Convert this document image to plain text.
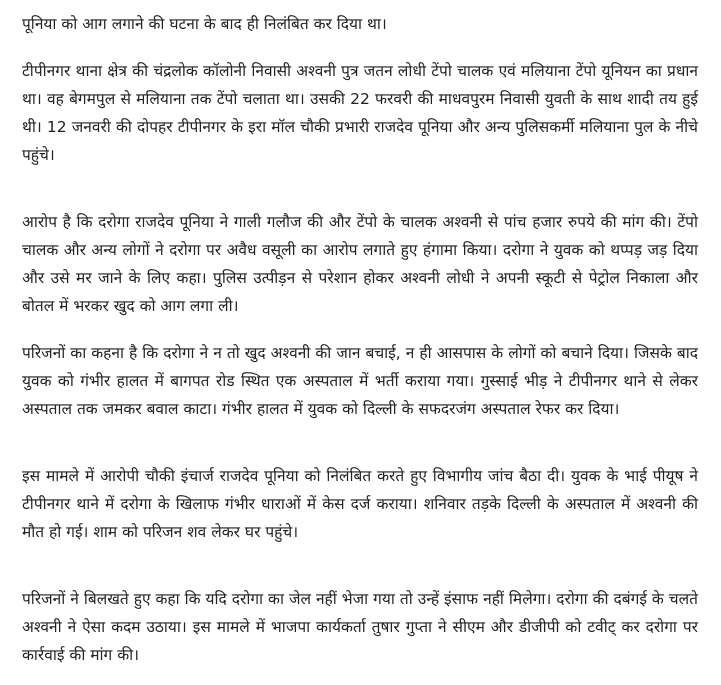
पूनिया को आग लगाने की घटना के बाद ही निलंबित कर दिया था।

टीपीनगर थाना क्षेत्र की चंद्रलोक कॉलोनी निवासी अश्वनी पुत्र जतन लोधी टेंपो चालक एवं मलियाना टेंपो यूनियन का प्रधान था। वह बेगमपुल से मलियाना तक टेंपो चलाता था। उसकी 22 फरवरी की माधवपुरम निवासी युवती के साथ शादी तय हुई थी। 12 जनवरी की दोपहर टीपीनगर के इरा मॉल चौकी प्रभारी राजदेव पूनिया और अन्य पुलिसकर्मी मलियाना पुल के नीचे पहुंचे।

आरोप है कि दरोगा राजदेव पूनिया ने गाली गलौज की और टेंपो के चालक अश्वनी से पांच हजार रुपये की मांग की। टेंपो चालक और अन्य लोगों ने दरोगा पर अवैध वसूली का आरोप लगाते हुए हंगामा किया। दरोगा ने युवक को थप्पड़ जड़ दिया और उसे मर जाने के लिए कहा। पुलिस उत्पीड़न से परेशान होकर अश्वनी लोधी ने अपनी स्कूटी से पेट्रोल निकाला और बोतल में भरकर खुद को आग लगा ली।

परिजनों का कहना है कि दरोगा ने न तो खुद अश्वनी की जान बचाई, न ही आसपास के लोगों को बचाने दिया। जिसके बाद युवक को गंभीर हालत में बागपत रोड स्थित एक अस्पताल में भर्ती कराया गया। गुस्साई भीड़ ने टीपीनगर थाने से लेकर अस्पताल तक जमकर बवाल काटा। गंभीर हालत में युवक को दिल्ली के सफदरजंग अस्पताल रेफर कर दिया।

इस मामले में आरोपी चौकी इंचार्ज राजदेव पूनिया को निलंबित करते हुए विभागीय जांच बैठा दी। युवक के भाई पीयूष ने टीपीनगर थाने में दरोगा के खिलाफ गंभीर धाराओं में केस दर्ज कराया। शनिवार तड़के दिल्ली के अस्पताल में अश्वनी की मौत हो गई। शाम को परिजन शव लेकर घर पहुंचे।

परिजनों ने बिलखते हुए कहा कि यदि दरोगा का जेल नहीं भेजा गया तो उन्हें इंसाफ नहीं मिलेगा। दरोगा की दबंगई के चलते अश्वनी ने ऐसा कदम उठाया। इस मामले में भाजपा कार्यकर्ता तुषार गुप्ता ने सीएम और डीजीपी को टवीट् कर दरोगा पर कार्रवाई की मांग की।
